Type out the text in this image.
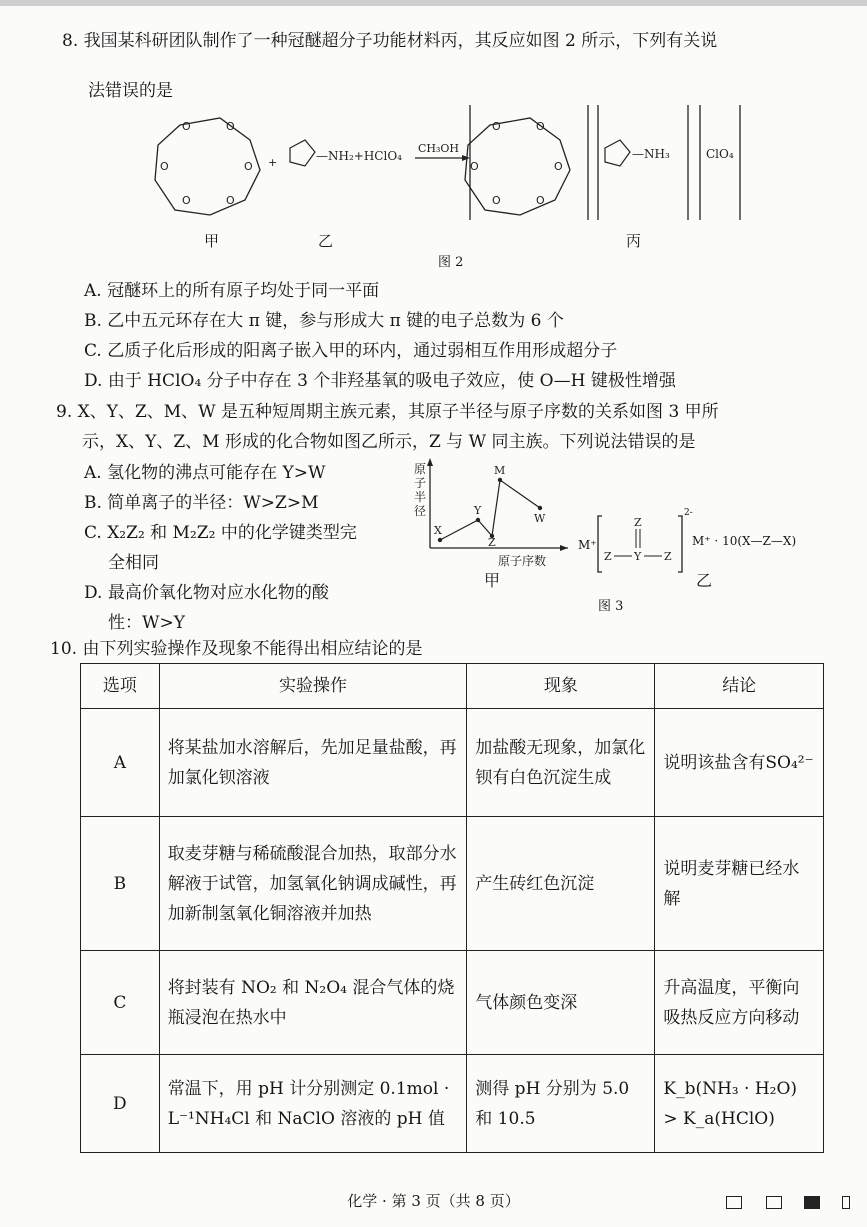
8. 我国某科研团队制作了一种冠醚超分子功能材料丙，其反应如图 2 所示，下列有关说
法错误的是
O	O
O	O
O	O
+	—NH₂+HClO₄
CH₃OH
O	O
O	O
O	O
—NH₃	ClO₄
甲	乙	丙
图 2
A. 冠醚环上的所有原子均处于同一平面
B. 乙中五元环存在大 π 键，参与形成大 π 键的电子总数为 6 个
C. 乙质子化后形成的阳离子嵌入甲的环内，通过弱相互作用形成超分子
D. 由于 HClO₄ 分子中存在 3 个非羟基氧的吸电子效应，使 O—H 键极性增强
9. X、Y、Z、M、W 是五种短周期主族元素，其原子半径与原子序数的关系如图 3 甲所
示，X、Y、Z、M 形成的化合物如图乙所示，Z 与 W 同主族。下列说法错误的是
A. 氢化物的沸点可能存在 Y>W
B. 简单离子的半径：W>Z>M
C. X₂Z₂ 和 M₂Z₂ 中的化学键类型完
全相同
D. 最高价氧化物对应水化物的酸
性：W>Y
X
Y
Z
M
W
原子半径
原子序数
甲
M⁺
Z
Z Y Z
2-
M⁺ · 10(X—Z—X)
乙
图 3
10. 由下列实验操作及现象不能得出相应结论的是
选项	实验操作	现象	结论
A	将某盐加水溶解后，先加足量盐酸，再加氯化钡溶液	加盐酸无现象，加氯化钡有白色沉淀生成	说明该盐含有SO₄²⁻
B	取麦芽糖与稀硫酸混合加热，取部分水解液于试管，加氢氧化钠调成碱性，再加新制氢氧化铜溶液并加热	产生砖红色沉淀	说明麦芽糖已经水解
C	将封装有 NO₂ 和 N₂O₄ 混合气体的烧瓶浸泡在热水中	气体颜色变深	升高温度，平衡向吸热反应方向移动
D	常温下，用 pH 计分别测定 0.1mol · L⁻¹NH₄Cl 和 NaClO 溶液的 pH 值	测得 pH 分别为 5.0 和 10.5	K_b(NH₃ · H₂O) > K_a(HClO)
化学 · 第 3 页（共 8 页）
